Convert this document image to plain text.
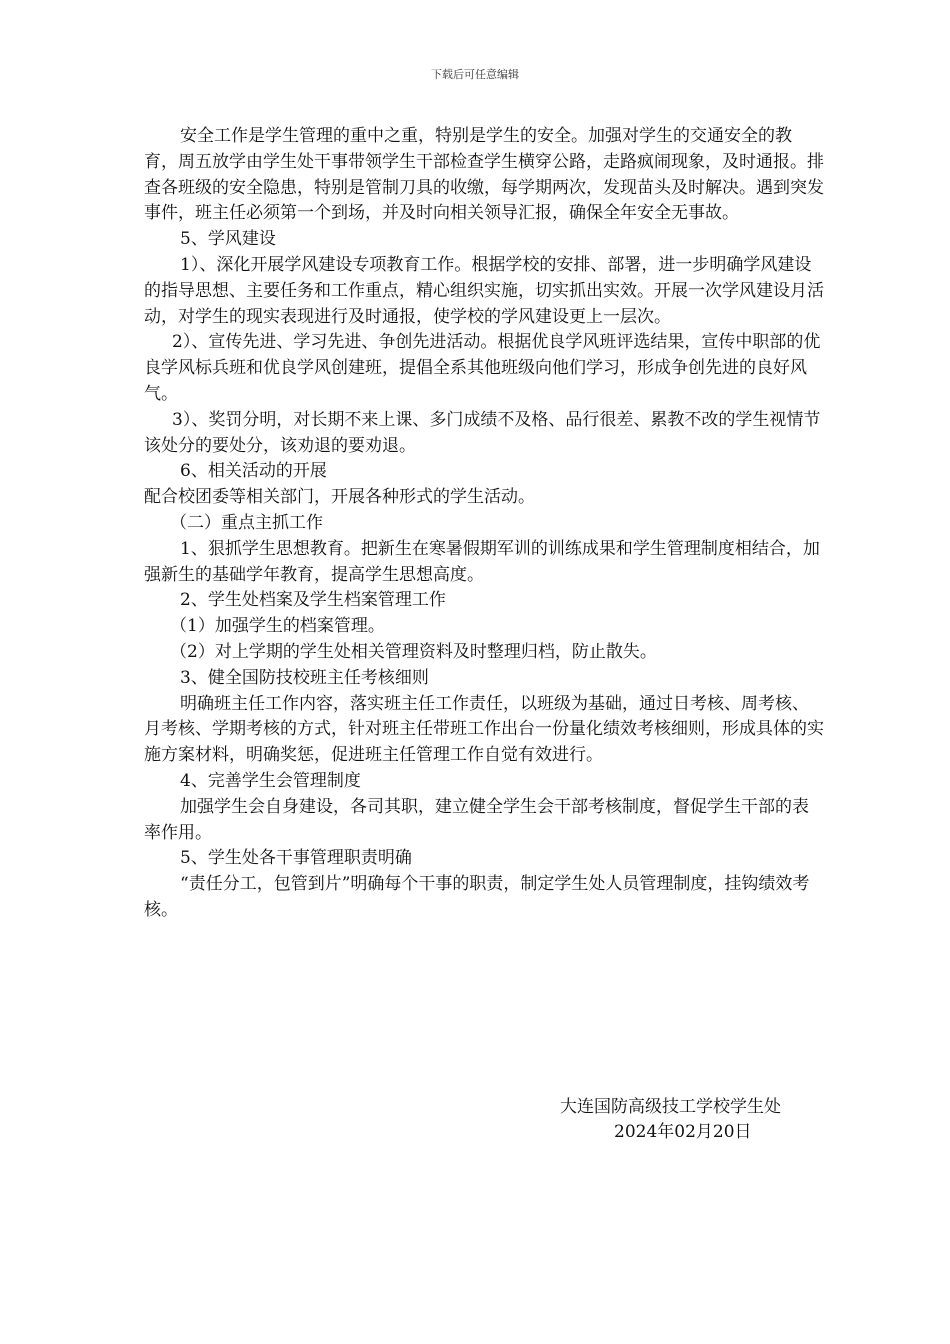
下载后可任意编辑

安全工作是学生管理的重中之重，特别是学生的安全。加强对学生的交通安全的教育，周五放学由学生处干事带领学生干部检查学生横穿公路，走路疯闹现象，及时通报。排查各班级的安全隐患，特别是管制刀具的收缴，每学期两次，发现苗头及时解决。遇到突发事件，班主任必须第一个到场，并及时向相关领导汇报，确保全年安全无事故。

5、学风建设

1）、深化开展学风建设专项教育工作。根据学校的安排、部署，进一步明确学风建设的指导思想、主要任务和工作重点，精心组织实施，切实抓出实效。开展一次学风建设月活动，对学生的现实表现进行及时通报，使学校的学风建设更上一层次。

2）、宣传先进、学习先进、争创先进活动。根据优良学风班评选结果，宣传中职部的优良学风标兵班和优良学风创建班，提倡全系其他班级向他们学习，形成争创先进的良好风气。

3）、奖罚分明，对长期不来上课、多门成绩不及格、品行很差、累教不改的学生视情节该处分的要处分，该劝退的要劝退。

6、相关活动的开展

配合校团委等相关部门，开展各种形式的学生活动。

（二）重点主抓工作

1、狠抓学生思想教育。把新生在寒暑假期军训的训练成果和学生管理制度相结合，加强新生的基础学年教育，提高学生思想高度。

2、学生处档案及学生档案管理工作

（1）加强学生的档案管理。

（2）对上学期的学生处相关管理资料及时整理归档，防止散失。

3、健全国防技校班主任考核细则

明确班主任工作内容，落实班主任工作责任，以班级为基础，通过日考核、周考核、月考核、学期考核的方式，针对班主任带班工作出台一份量化绩效考核细则，形成具体的实施方案材料，明确奖惩，促进班主任管理工作自觉有效进行。

4、完善学生会管理制度

加强学生会自身建设，各司其职，建立健全学生会干部考核制度，督促学生干部的表率作用。

5、学生处各干事管理职责明确

“责任分工，包管到片”明确每个干事的职责，制定学生处人员管理制度，挂钩绩效考核。

大连国防高级技工学校学生处
2024年02月20日
